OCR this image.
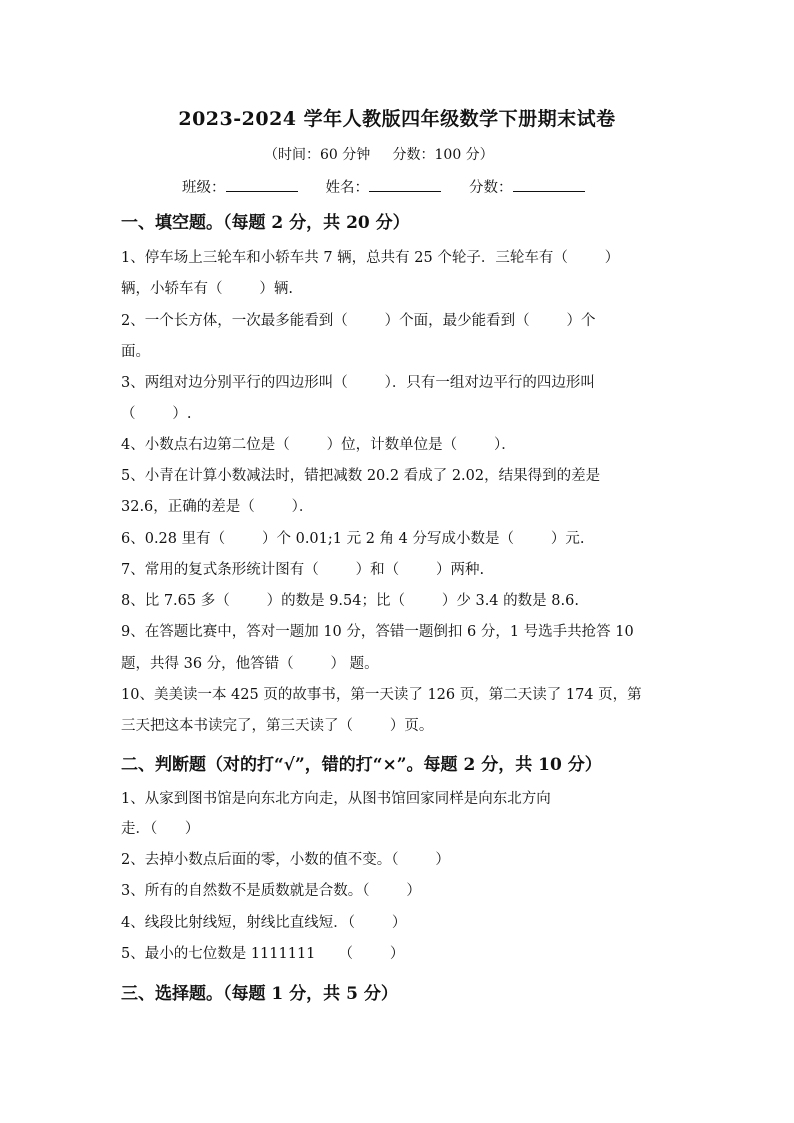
2023-2024 学年人教版四年级数学下册期末试卷
（时间：60 分钟     分数：100 分）
班级：	姓名：	分数：
一、填空题。（每题 2 分，共 20 分）
1、停车场上三轮车和小轿车共 7 辆，总共有 25 个轮子．三轮车有（        ）
辆，小轿车有（        ）辆.
2、一个长方体，一次最多能看到（        ）个面，最少能看到（        ）个
面。
3、两组对边分别平行的四边形叫（        ）．只有一组对边平行的四边形叫
（        ）.
4、小数点右边第二位是（        ）位，计数单位是（        ）．
5、小青在计算小数减法时，错把减数 20.2 看成了 2.02，结果得到的差是
32.6，正确的差是（        ）．
6、0.28 里有（        ）个 0.01;1 元 2 角 4 分写成小数是（        ）元.
7、常用的复式条形统计图有（        ）和（        ）两种.
8、比 7.65 多（        ）的数是 9.54；比（        ）少 3.4 的数是 8.6.
9、在答题比赛中，答对一题加 10 分，答错一题倒扣 6 分，1 号选手共抢答 10
题，共得 36 分，他答错（        ） 题。
10、美美读一本 425 页的故事书，第一天读了 126 页，第二天读了 174 页，第
三天把这本书读完了，第三天读了（        ）页。
二、判断题（对的打“√”，错的打“×”。每题 2 分，共 10 分）
1、从家到图书馆是向东北方向走，从图书馆回家同样是向东北方向
走．（      ）
2、去掉小数点后面的零，小数的值不变。（        ）
3、所有的自然数不是质数就是合数。（        ）
4、线段比射线短，射线比直线短．（        ）
5、最小的七位数是 1111111     （        ）
三、选择题。（每题 1 分，共 5 分）
